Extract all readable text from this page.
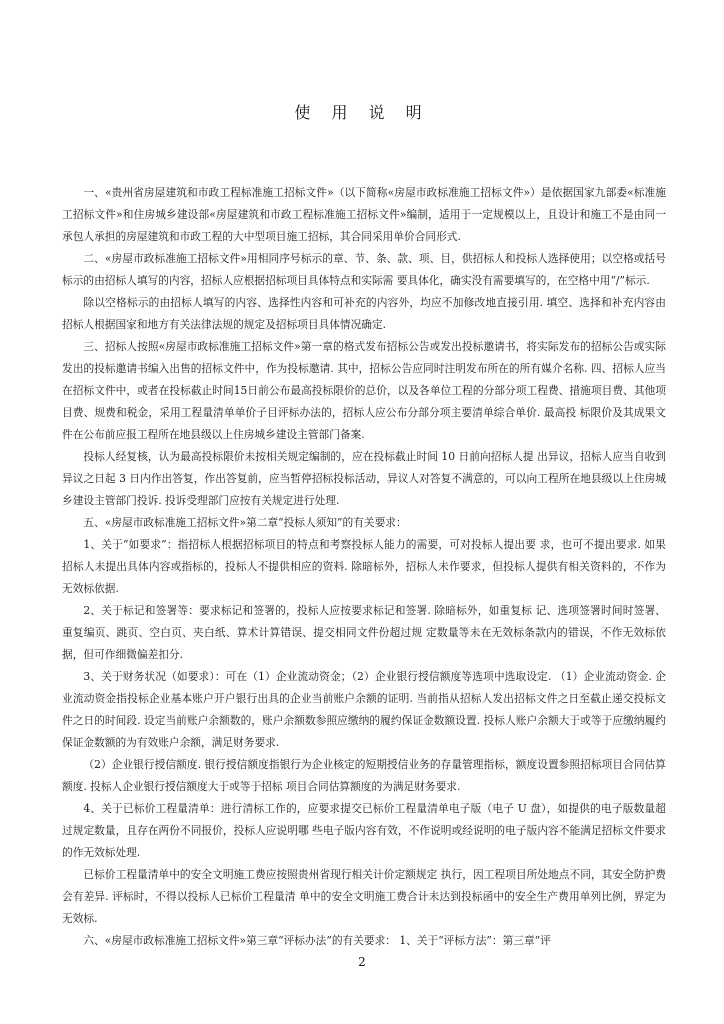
使 用 说 明

一、«贵州省房屋建筑和市政工程标准施工招标文件»（以下简称«房屋市政标准施工招标文件»）是依据国家九部委«标准施工招标文件»和住房城乡建设部«房屋建筑和市政工程标准施工招标文件»编制，适用于一定规模以上，且设计和施工不是由同一承包人承担的房屋建筑和市政工程的大中型项目施工招标，其合同采用单价合同形式.

二、«房屋市政标准施工招标文件»用相同序号标示的章、节、条、款、项、目，供招标人和投标人选择使用；以空格或括号标示的由招标人填写的内容，招标人应根据招标项目具体特点和实际需 要具体化，确实没有需要填写的，在空格中用“/”标示.

除以空格标示的由招标人填写的内容、选择性内容和可补充的内容外，均应不加修改地直接引用. 填空、选择和补充内容由招标人根据国家和地方有关法律法规的规定及招标项目具体情况确定.

三、招标人按照«房屋市政标准施工招标文件»第一章的格式发布招标公告或发出投标邀请书，将实际发布的招标公告或实际发出的投标邀请书编入出售的招标文件中，作为投标邀请. 其中，招标公告应同时注明发布所在的所有媒介名称. 四、招标人应当在招标文件中，或者在投标截止时间15日前公布最高投标限价的总价，以及各单位工程的分部分项工程费、措施项目费、其他项目费、规费和税金，采用工程量清单单价子目评标办法的，招标人应公布分部分项主要清单综合单价. 最高投 标限价及其成果文件在公布前应报工程所在地县级以上住房城乡建设主管部门备案.

投标人经复核，认为最高投标限价未按相关规定编制的，应在投标截止时间 10 日前向招标人提 出异议，招标人应当自收到异议之日起 3 日内作出答复，作出答复前，应当暂停招标投标活动，异议人对答复不满意的，可以向工程所在地县级以上住房城乡建设主管部门投诉. 投诉受理部门应按有关规定进行处理.

五、«房屋市政标准施工招标文件»第二章“投标人须知”的有关要求：

1、关于“如要求”：指招标人根据招标项目的特点和考察投标人能力的需要，可对投标人提出要 求，也可不提出要求. 如果招标人未提出具体内容或指标的，投标人不提供相应的资料. 除暗标外，招标人未作要求，但投标人提供有相关资料的，不作为无效标依据.

2、关于标记和签署等：要求标记和签署的，投标人应按要求标记和签署. 除暗标外，如重复标 记、选项签署时间时签署、重复编页、跳页、空白页、夹白纸、算术计算错误、提交相同文件份超过规 定数量等未在无效标条款内的错误，不作无效标依据，但可作细微偏差扣分.

3、关于财务状况（如要求）：可在（1）企业流动资金；（2）企业银行授信额度等选项中选取设定. （1）企业流动资金. 企业流动资金指投标企业基本账户开户银行出具的企业当前账户余额的证明. 当前指从招标人发出招标文件之日至截止递交投标文件之日的时间段. 设定当前账户余额数的，账户余额数参照应缴纳的履约保证金数额设置. 投标人账户余额大于或等于应缴纳履约保证金数额的为有效账户余额，满足财务要求.

（2）企业银行授信额度. 银行授信额度指银行为企业核定的短期授信业务的存量管理指标，额度设置参照招标项目合同估算额度. 投标人企业银行授信额度大于或等于招标 项目合同估算额度的为满足财务要求.

4、关于已标价工程量清单：进行清标工作的，应要求提交已标价工程量清单电子版（电子 U 盘），如提供的电子版数量超过规定数量，且存在两份不同报价，投标人应说明哪 些电子版内容有效，不作说明或经说明的电子版内容不能满足招标文件要求的作无效标处理.

已标价工程量清单中的安全文明施工费应按照贵州省现行相关计价定额规定 执行，因工程项目所处地点不同，其安全防护费会有差异. 评标时，不得以投标人已标价工程量清 单中的安全文明施工费合计未达到投标函中的安全生产费用单列比例，界定为无效标.

六、«房屋市政标准施工招标文件»第三章“评标办法”的有关要求： 1、关于“评标方法”：第三章“评

2
